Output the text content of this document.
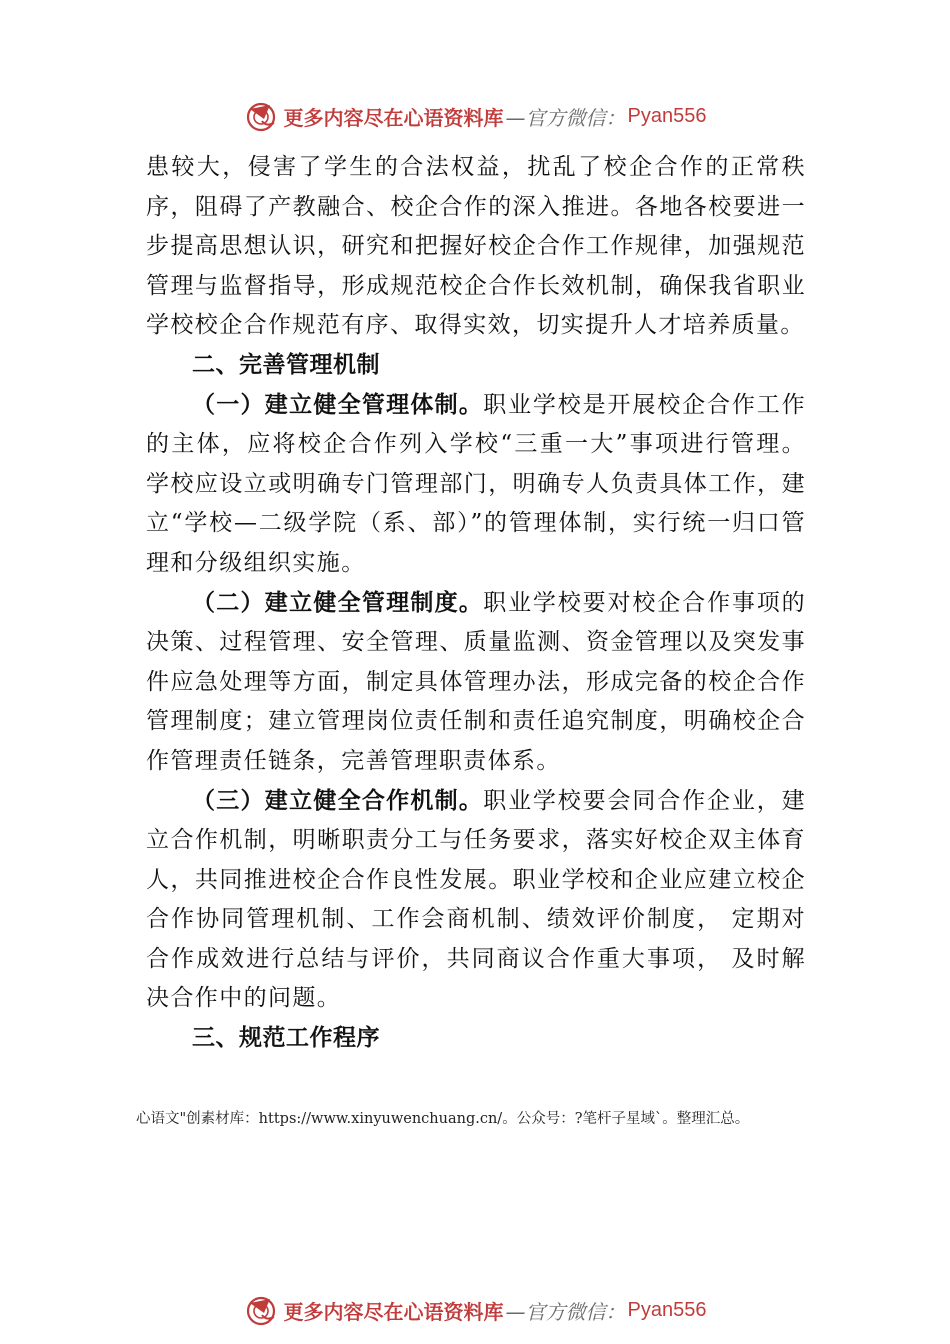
更多内容尽在心语资料库 —官方微信： Pyan556

患较大，侵害了学生的合法权益，扰乱了校企合作的正常秩序，阻碍了产教融合、校企合作的深入推进。各地各校要进一步提高思想认识，研究和把握好校企合作工作规律，加强规范管理与监督指导，形成规范校企合作长效机制，确保我省职业学校校企合作规范有序、取得实效，切实提升人才培养质量。

二、完善管理机制

（一）建立健全管理体制。职业学校是开展校企合作工作的主体，应将校企合作列入学校“三重一大”事项进行管理。学校应设立或明确专门管理部门，明确专人负责具体工作，建立“学校—二级学院（系、部）”的管理体制，实行统一归口管理和分级组织实施。

（二）建立健全管理制度。职业学校要对校企合作事项的决策、过程管理、安全管理、质量监测、资金管理以及突发事件应急处理等方面，制定具体管理办法，形成完备的校企合作管理制度；建立管理岗位责任制和责任追究制度，明确校企合作管理责任链条，完善管理职责体系。

（三）建立健全合作机制。职业学校要会同合作企业，建立合作机制，明晰职责分工与任务要求，落实好校企双主体育人，共同推进校企合作良性发展。职业学校和企业应建立校企合作协同管理机制、工作会商机制、绩效评价制度， 定期对合作成效进行总结与评价，共同商议合作重大事项， 及时解决合作中的问题。

三、规范工作程序

心语文"创素材库：https://www.xinyuwenchuang.cn/。公众号：?笔杆子星域`。整理汇总。
更多内容尽在心语资料库 —官方微信： Pyan556
